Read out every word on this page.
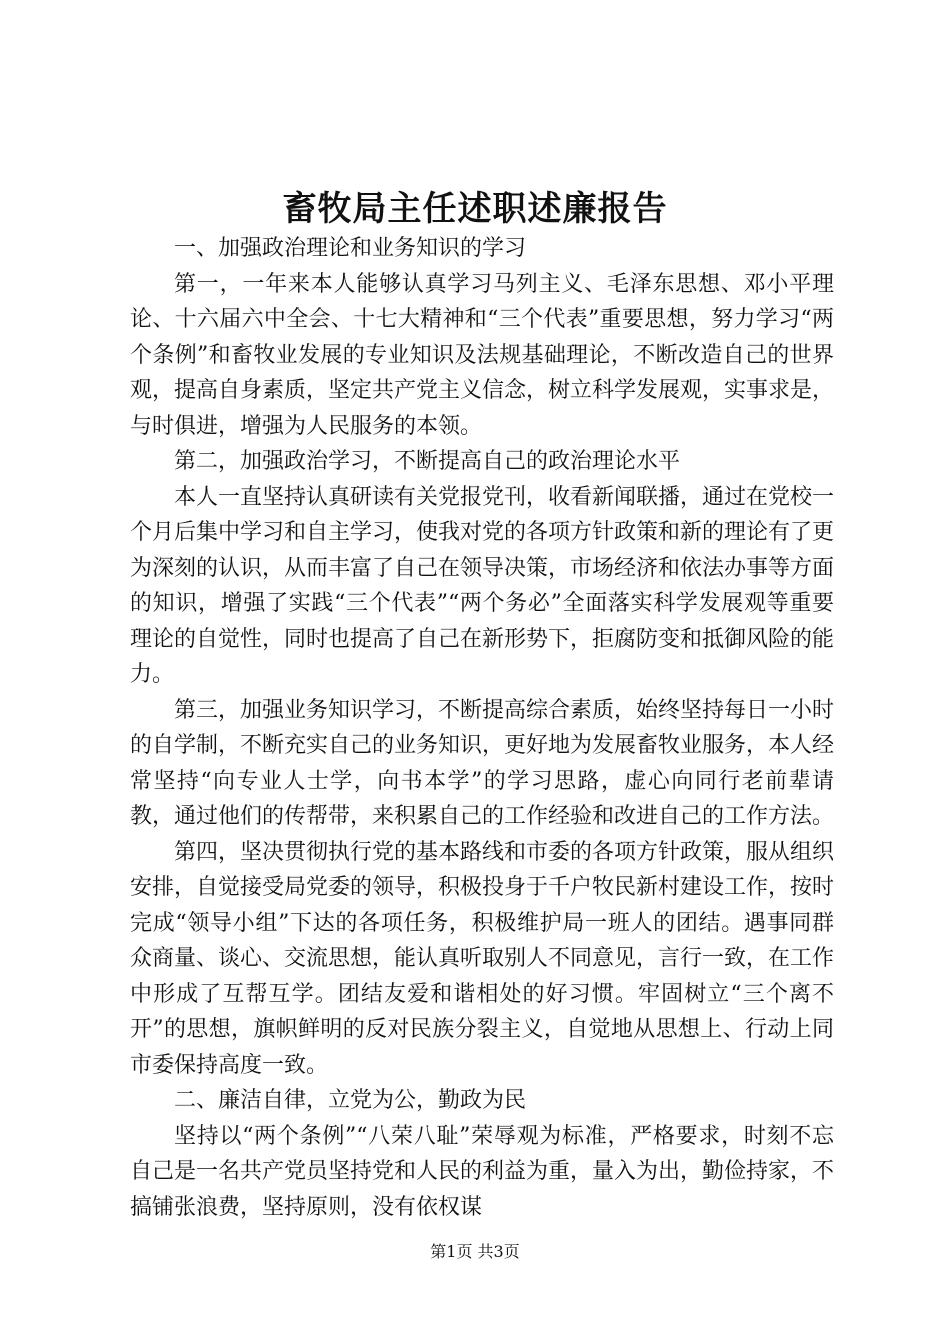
畜牧局主任述职述廉报告

一、加强政治理论和业务知识的学习

第一，一年来本人能够认真学习马列主义、毛泽东思想、邓小平理论、十六届六中全会、十七大精神和“三个代表”重要思想，努力学习“两个条例”和畜牧业发展的专业知识及法规基础理论，不断改造自己的世界观，提高自身素质，坚定共产党主义信念，树立科学发展观，实事求是，与时俱进，增强为人民服务的本领。

第二，加强政治学习，不断提高自己的政治理论水平

本人一直坚持认真研读有关党报党刊，收看新闻联播，通过在党校一个月后集中学习和自主学习，使我对党的各项方针政策和新的理论有了更为深刻的认识，从而丰富了自己在领导决策，市场经济和依法办事等方面的知识，增强了实践“三个代表”“两个务必”全面落实科学发展观等重要理论的自觉性，同时也提高了自己在新形势下，拒腐防变和抵御风险的能力。

第三，加强业务知识学习，不断提高综合素质，始终坚持每日一小时的自学制，不断充实自己的业务知识，更好地为发展畜牧业服务，本人经常坚持“向专业人士学，向书本学”的学习思路，虚心向同行老前辈请教，通过他们的传帮带，来积累自己的工作经验和改进自己的工作方法。

第四，坚决贯彻执行党的基本路线和市委的各项方针政策，服从组织安排，自觉接受局党委的领导，积极投身于千户牧民新村建设工作，按时完成“领导小组”下达的各项任务，积极维护局一班人的团结。遇事同群众商量、谈心、交流思想，能认真听取别人不同意见，言行一致，在工作中形成了互帮互学。团结友爱和谐相处的好习惯。牢固树立“三个离不开”的思想，旗帜鲜明的反对民族分裂主义，自觉地从思想上、行动上同市委保持高度一致。

二、廉洁自律，立党为公，勤政为民

坚持以“两个条例”“八荣八耻”荣辱观为标准，严格要求，时刻不忘自己是一名共产党员坚持党和人民的利益为重，量入为出，勤俭持家，不搞铺张浪费，坚持原则，没有依权谋

第1页 共3页
